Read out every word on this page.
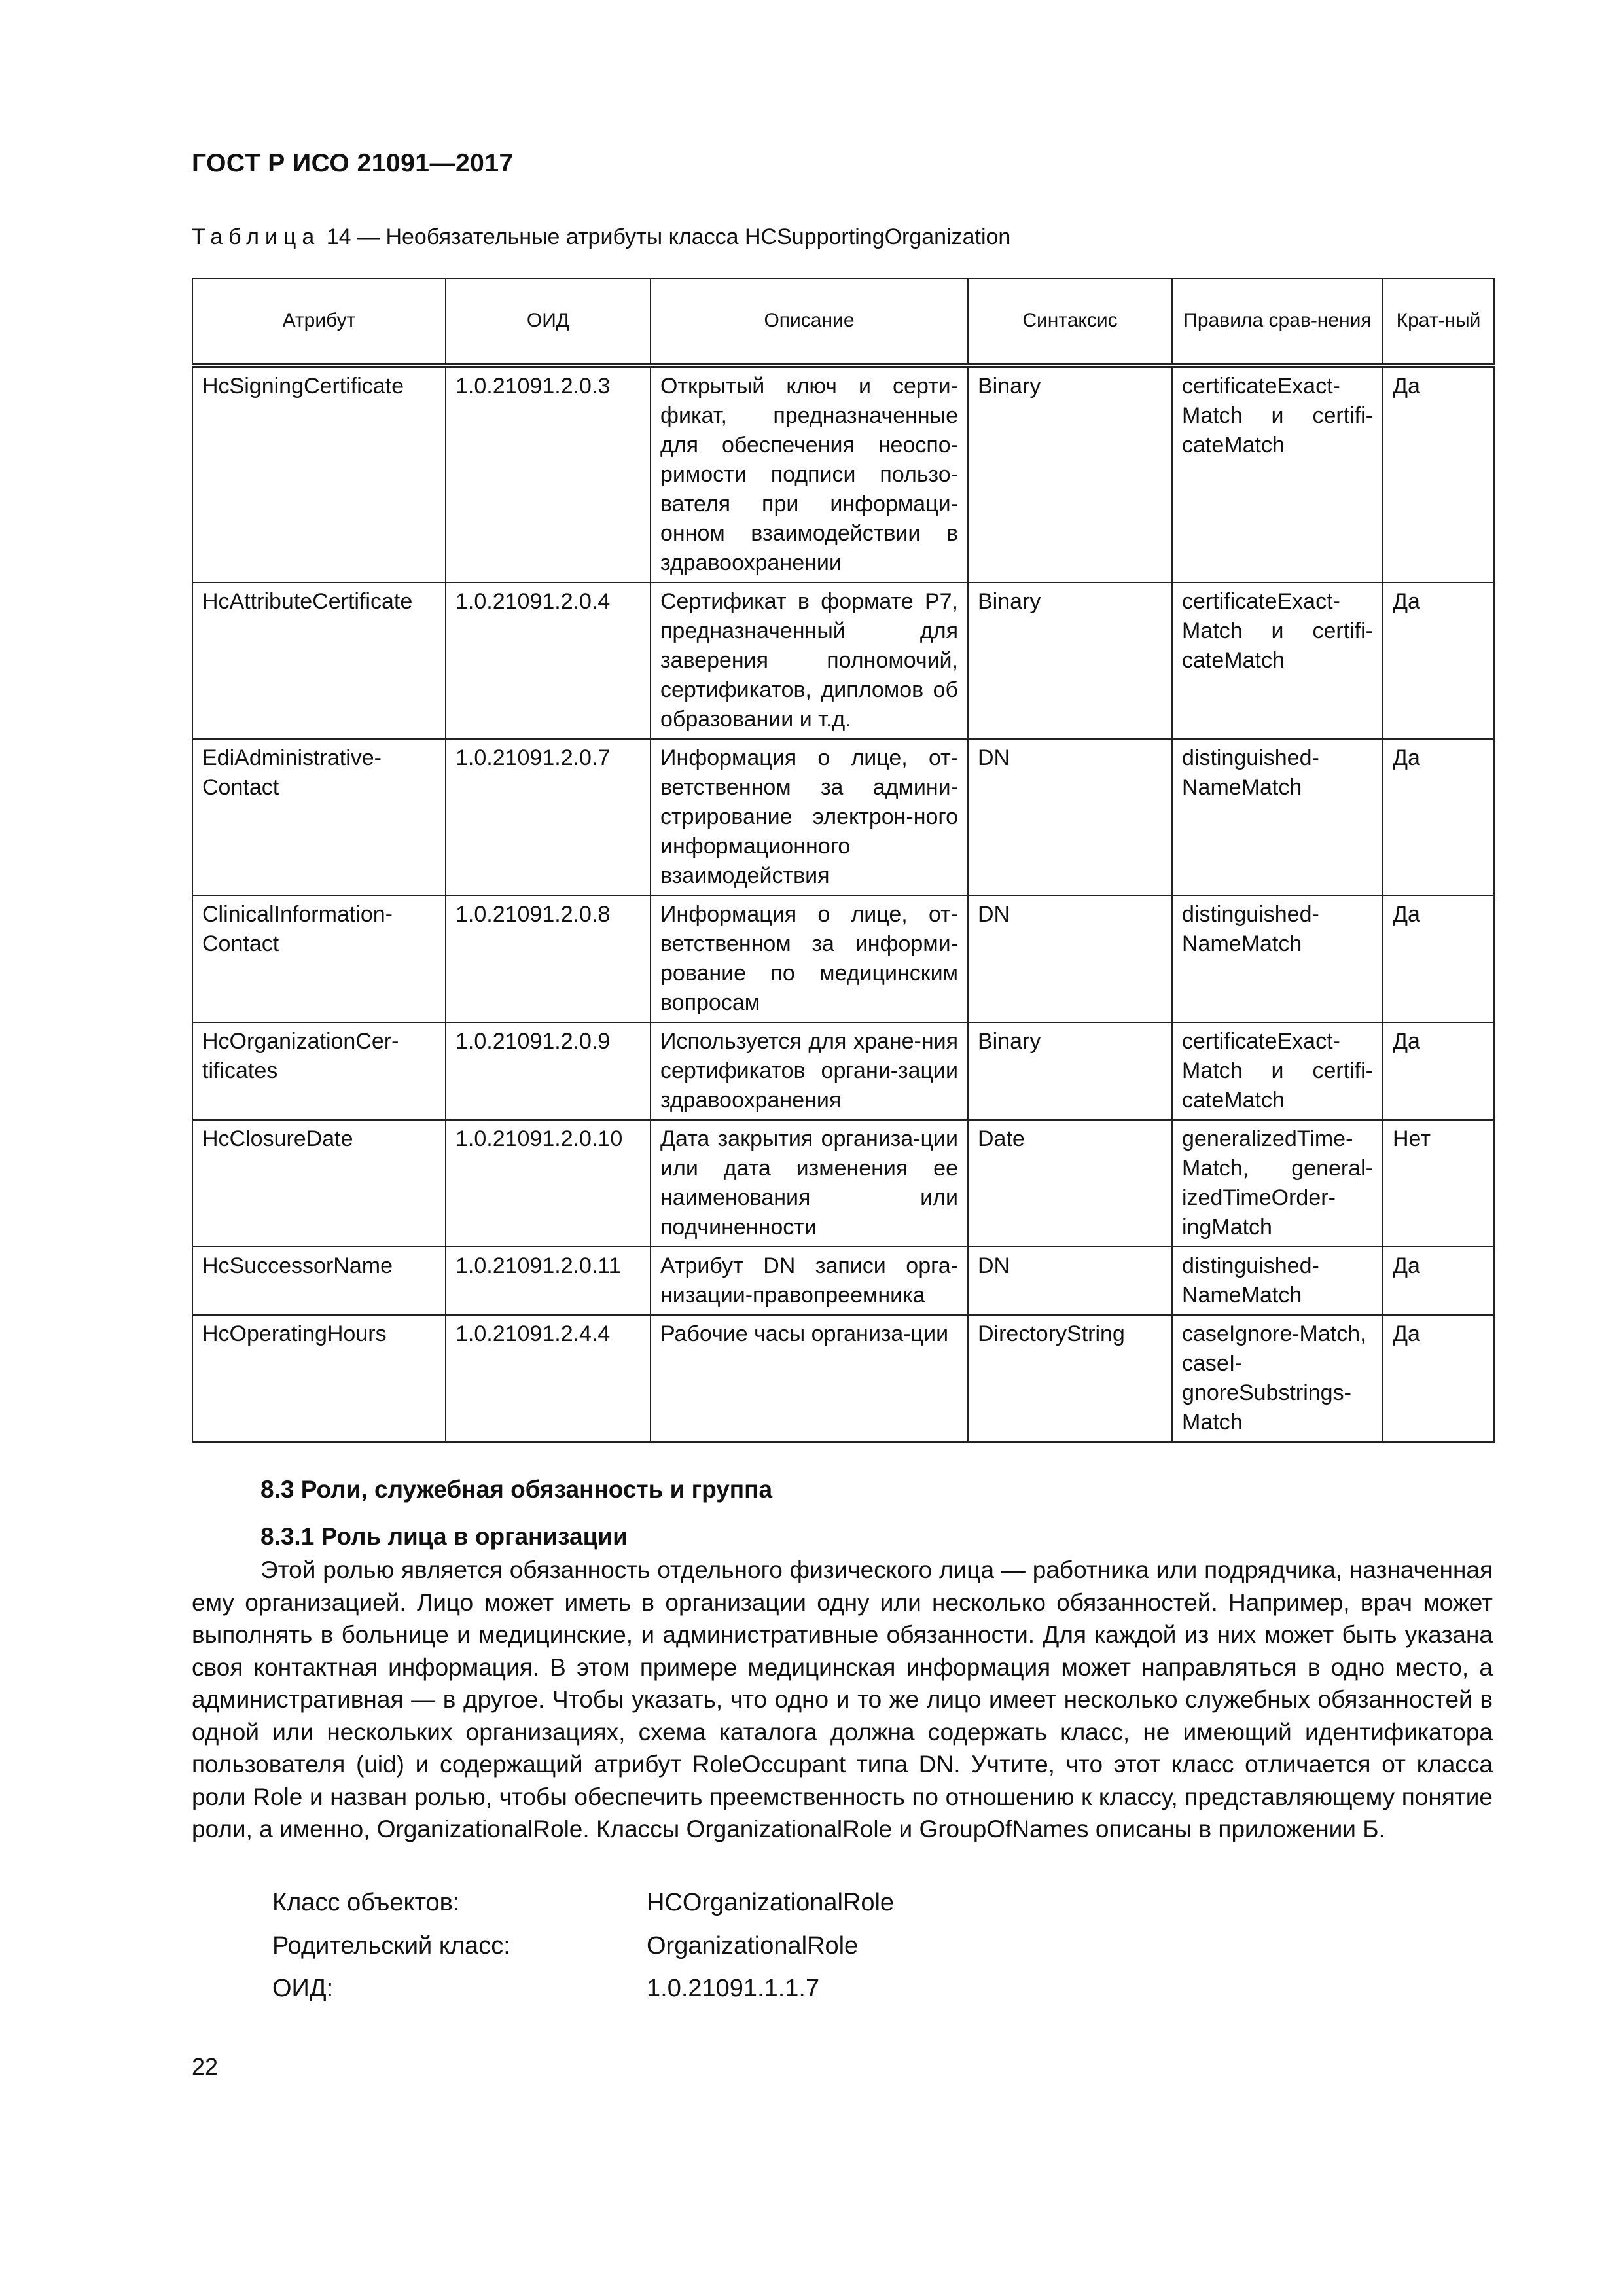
ГОСТ Р ИСО 21091—2017
Таблица 14 — Необязательные атрибуты класса HCSupportingOrganization
Атрибут	ОИД	Описание	Синтаксис	Правила срав-нения	Крат-ный
HcSigningCertificate	1.0.21091.2.0.3	Открытый ключ и серти-фикат, предназначенные для обеспечения неоспо-римости подписи пользо-вателя при информаци-онном взаимодействии в здравоохранении	Binary	certificateExact-Match и certifi-cateMatch	Да
HcAttributeCertificate	1.0.21091.2.0.4	Сертификат в формате P7, предназначенный для заверения полномочий, сертификатов, дипломов об образовании и т.д.	Binary	certificateExact-Match и certifi-cateMatch	Да
EdiAdministrative-Contact	1.0.21091.2.0.7	Информация о лице, от-ветственном за админи-стрирование электрон-ного информационного взаимодействия	DN	distinguished-NameMatch	Да
ClinicalInformation-Contact	1.0.21091.2.0.8	Информация о лице, от-ветственном за информи-рование по медицинским вопросам	DN	distinguished-NameMatch	Да
HcOrganizationCer-tificates	1.0.21091.2.0.9	Используется для хране-ния сертификатов органи-зации здравоохранения	Binary	certificateExact-Match и certifi-cateMatch	Да
HcClosureDate	1.0.21091.2.0.10	Дата закрытия организа-ции или дата изменения ее наименования или подчиненности	Date	generalizedTime-Match, general-izedTimeOrder-ingMatch	Нет
HcSuccessorName	1.0.21091.2.0.11	Атрибут DN записи орга-низации-правопреемника	DN	distinguished-NameMatch	Да
HcOperatingHours	1.0.21091.2.4.4	Рабочие часы организа-ции	DirectoryString	caseIgnore-Match, caseI-gnoreSubstrings-Match	Да
8.3 Роли, служебная обязанность и группа
8.3.1 Роль лица в организации

Этой ролью является обязанность отдельного физического лица — работника или подрядчика, назначенная ему организацией. Лицо может иметь в организации одну или несколько обязанностей. Например, врач может выполнять в больнице и медицинские, и административные обязанности. Для каждой из них может быть указана своя контактная информация. В этом примере медицинская информация может направляться в одно место, а административная — в другое. Чтобы указать, что одно и то же лицо имеет несколько служебных обязанностей в одной или нескольких организациях, схема каталога должна содержать класс, не имеющий идентификатора пользователя (uid) и содержащий атрибут RoleOccupant типа DN. Учтите, что этот класс отличается от класса роли Role и назван ролью, чтобы обеспечить преемственность по отношению к классу, представляющему понятие роли, а именно, OrganizationalRole. Классы OrganizationalRole и GroupOfNames описаны в приложении Б.

Класс объектов:	HCOrganizationalRole
Родительский класс:	OrganizationalRole
ОИД:	1.0.21091.1.1.7
22
